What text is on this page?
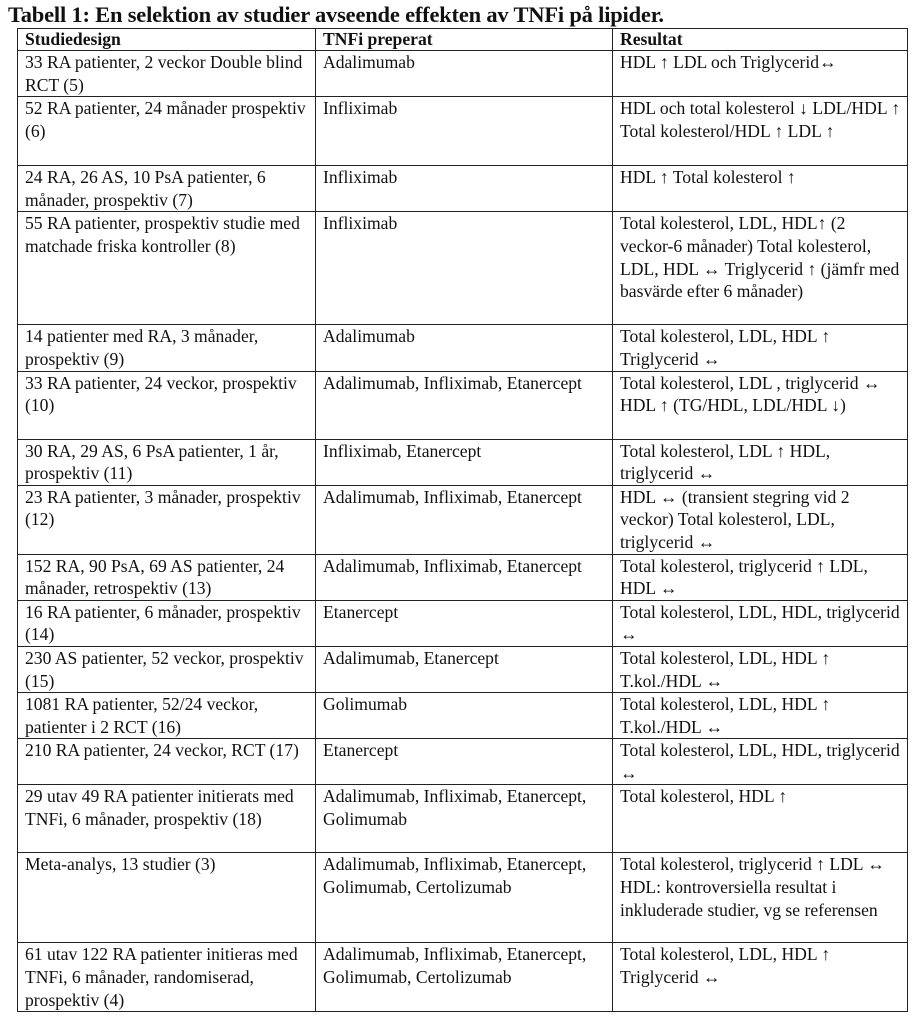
Tabell 1: En selektion av studier avseende effekten av TNFi på lipider.
Studiedesign	TNFi preperat	Resultat
33 RA patienter, 2 veckor Double blind RCT (5)	Adalimumab	HDL ↑ LDL och Triglycerid↔
52 RA patienter, 24 månader prospektiv (6)	Infliximab	HDL och total kolesterol ↓ LDL/HDL ↑ Total kolesterol/HDL ↑ LDL ↑
24 RA, 26 AS, 10 PsA patienter, 6 månader, prospektiv (7)	Infliximab	HDL ↑ Total kolesterol ↑
55 RA patienter, prospektiv studie med matchade friska kontroller (8)	Infliximab	Total kolesterol, LDL, HDL↑ (2 veckor-6 månader) Total kolesterol, LDL, HDL ↔ Triglycerid ↑ (jämfr med basvärde efter 6 månader)
14 patienter med RA, 3 månader, prospektiv (9)	Adalimumab	Total kolesterol, LDL, HDL ↑ Triglycerid ↔
33 RA patienter, 24 veckor, prospektiv (10)	Adalimumab, Infliximab, Etanercept	Total kolesterol, LDL , triglycerid ↔ HDL ↑ (TG/HDL, LDL/HDL ↓)
30 RA, 29 AS, 6 PsA patienter, 1 år, prospektiv (11)	Infliximab, Etanercept	Total kolesterol, LDL ↑ HDL, triglycerid ↔
23 RA patienter, 3 månader, prospektiv (12)	Adalimumab, Infliximab, Etanercept	HDL ↔ (transient stegring vid 2 veckor) Total kolesterol, LDL, triglycerid ↔
152 RA, 90 PsA, 69 AS patienter, 24 månader, retrospektiv (13)	Adalimumab, Infliximab, Etanercept	Total kolesterol, triglycerid ↑ LDL, HDL ↔
16 RA patienter, 6 månader, prospektiv (14)	Etanercept	Total kolesterol, LDL, HDL, triglycerid ↔
230 AS patienter, 52 veckor, prospektiv (15)	Adalimumab, Etanercept	Total kolesterol, LDL, HDL ↑ T.kol./HDL ↔
1081 RA patienter, 52/24 veckor, patienter i 2 RCT (16)	Golimumab	Total kolesterol, LDL, HDL ↑ T.kol./HDL ↔
210 RA patienter, 24 veckor, RCT (17)	Etanercept	Total kolesterol, LDL, HDL, triglycerid ↔
29 utav 49 RA patienter initierats med TNFi, 6 månader, prospektiv (18)	Adalimumab, Infliximab, Etanercept, Golimumab	Total kolesterol, HDL ↑
Meta-analys, 13 studier (3)	Adalimumab, Infliximab, Etanercept, Golimumab, Certolizumab	Total kolesterol, triglycerid ↑ LDL ↔ HDL: kontroversiella resultat i inkluderade studier, vg se referensen
61 utav 122 RA patienter initieras med TNFi, 6 månader, randomiserad, prospektiv (4)	Adalimumab, Infliximab, Etanercept, Golimumab, Certolizumab	Total kolesterol, LDL, HDL ↑ Triglycerid ↔
